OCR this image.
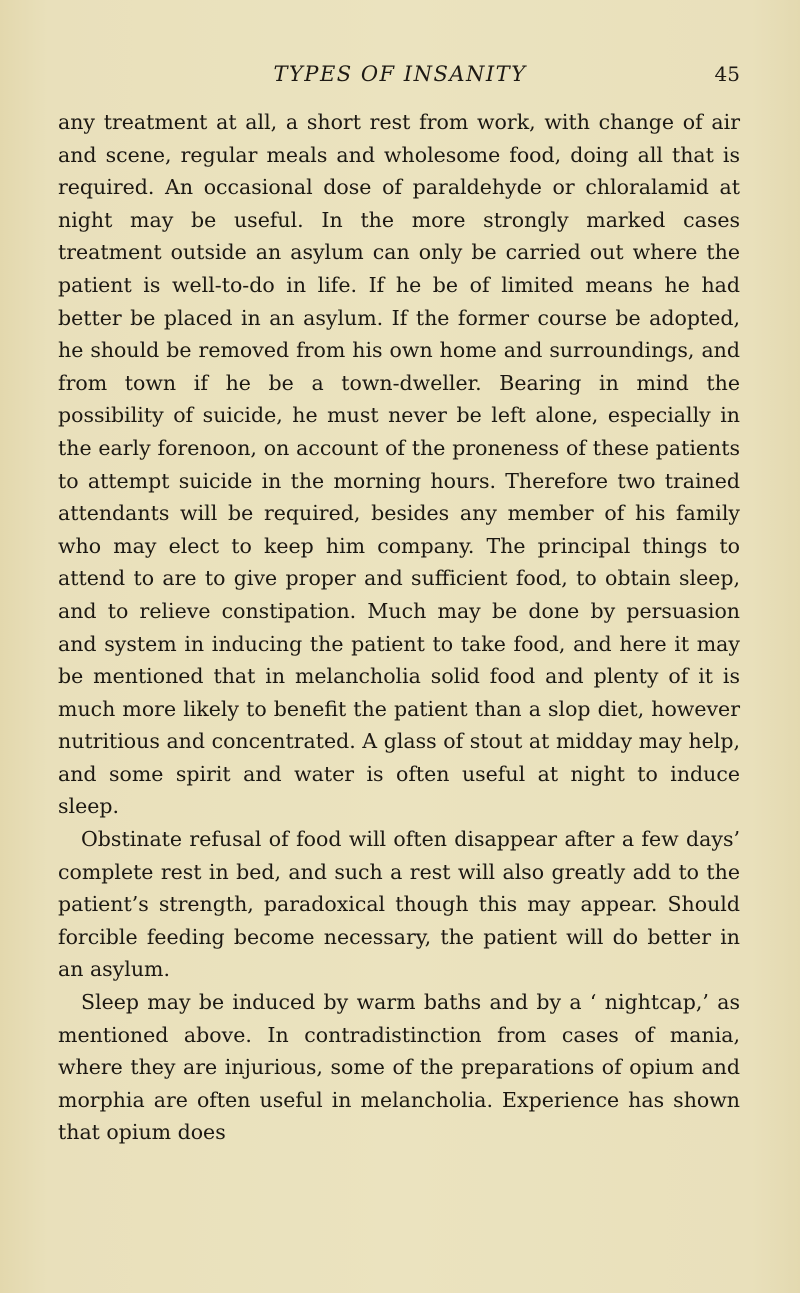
TYPES OF INSANITY	45

any treatment at all, a short rest from work, with change of air and scene, regular meals and wholesome food, doing all that is required. An occasional dose of paraldehyde or chloralamid at night may be useful. In the more strongly marked cases treatment outside an asylum can only be carried out where the patient is well-to-do in life. If he be of limited means he had better be placed in an asylum. If the former course be adopted, he should be removed from his own home and surroundings, and from town if he be a town-dweller. Bearing in mind the possibility of suicide, he must never be left alone, especially in the early forenoon, on account of the proneness of these patients to attempt suicide in the morning hours. Therefore two trained attendants will be required, besides any member of his family who may elect to keep him company. The principal things to attend to are to give proper and sufficient food, to obtain sleep, and to relieve constipation. Much may be done by persuasion and system in inducing the patient to take food, and here it may be mentioned that in melancholia solid food and plenty of it is much more likely to benefit the patient than a slop diet, however nutritious and concentrated. A glass of stout at midday may help, and some spirit and water is often useful at night to induce sleep.

Obstinate refusal of food will often disappear after a few days’ complete rest in bed, and such a rest will also greatly add to the patient’s strength, paradoxical though this may appear. Should forcible feeding become necessary, the patient will do better in an asylum.

Sleep may be induced by warm baths and by a ‘ nightcap,’ as mentioned above. In contradistinction from cases of mania, where they are injurious, some of the preparations of opium and morphia are often useful in melancholia. Experience has shown that opium does
